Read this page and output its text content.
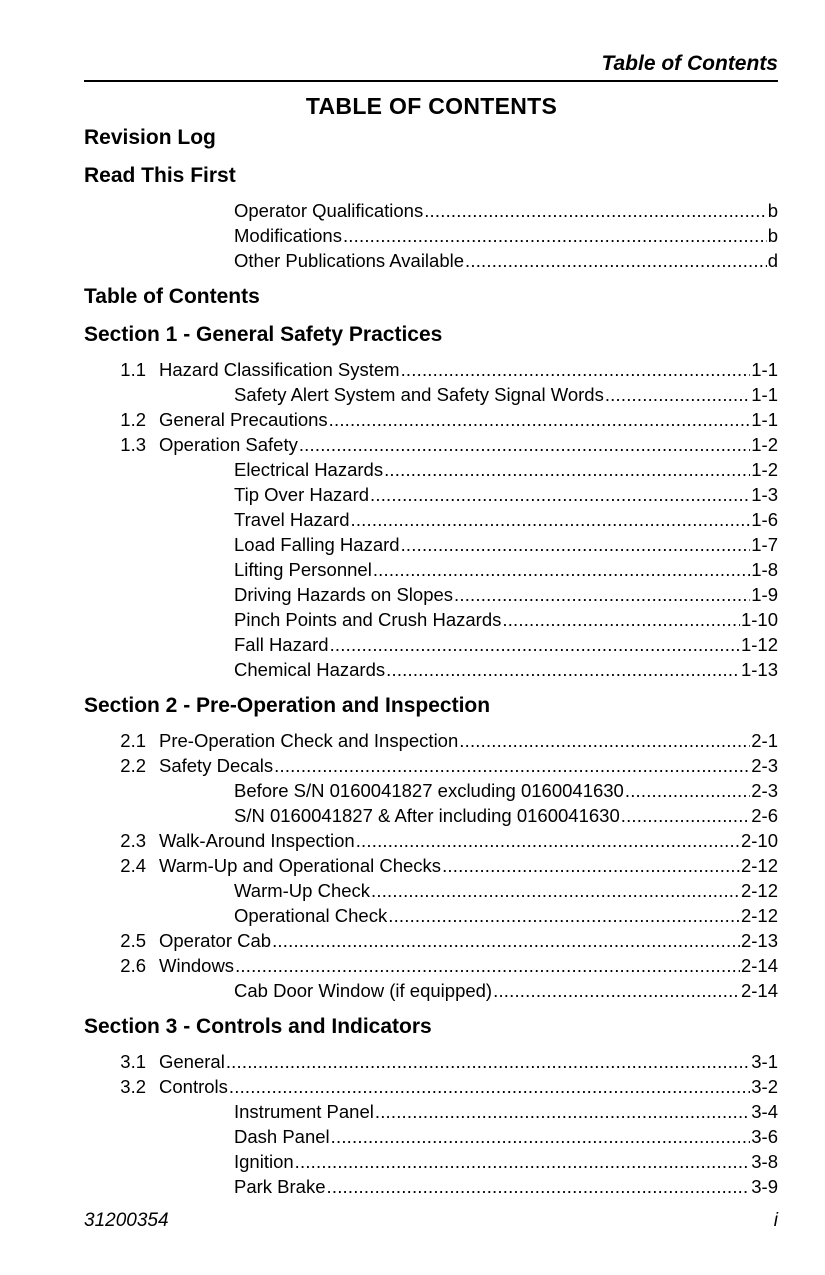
Table of Contents
TABLE OF CONTENTS
Revision Log
Read This First
Operator Qualifications .....	b
Modifications .....	b
Other Publications Available .....	d
Table of Contents
Section 1 - General Safety Practices
1.1 Hazard Classification System .....	1-1
Safety Alert System and Safety Signal Words .....	1-1
1.2 General Precautions .....	1-1
1.3 Operation Safety .....	1-2
Electrical Hazards .....	1-2
Tip Over Hazard .....	1-3
Travel Hazard .....	1-6
Load Falling Hazard .....	1-7
Lifting Personnel .....	1-8
Driving Hazards on Slopes .....	1-9
Pinch Points and Crush Hazards .....	1-10
Fall Hazard .....	1-12
Chemical Hazards .....	1-13
Section 2 - Pre-Operation and Inspection
2.1 Pre-Operation Check and Inspection .....	2-1
2.2 Safety Decals .....	2-3
Before S/N 0160041827 excluding 0160041630 .....	2-3
S/N 0160041827 & After including 0160041630 .....	2-6
2.3 Walk-Around Inspection .....	2-10
2.4 Warm-Up and Operational Checks .....	2-12
Warm-Up Check .....	2-12
Operational Check .....	2-12
2.5 Operator Cab .....	2-13
2.6 Windows .....	2-14
Cab Door Window (if equipped) .....	2-14
Section 3 - Controls and Indicators
3.1 General .....	3-1
3.2 Controls .....	3-2
Instrument Panel .....	3-4
Dash Panel .....	3-6
Ignition .....	3-8
Park Brake .....	3-9
31200354	i
